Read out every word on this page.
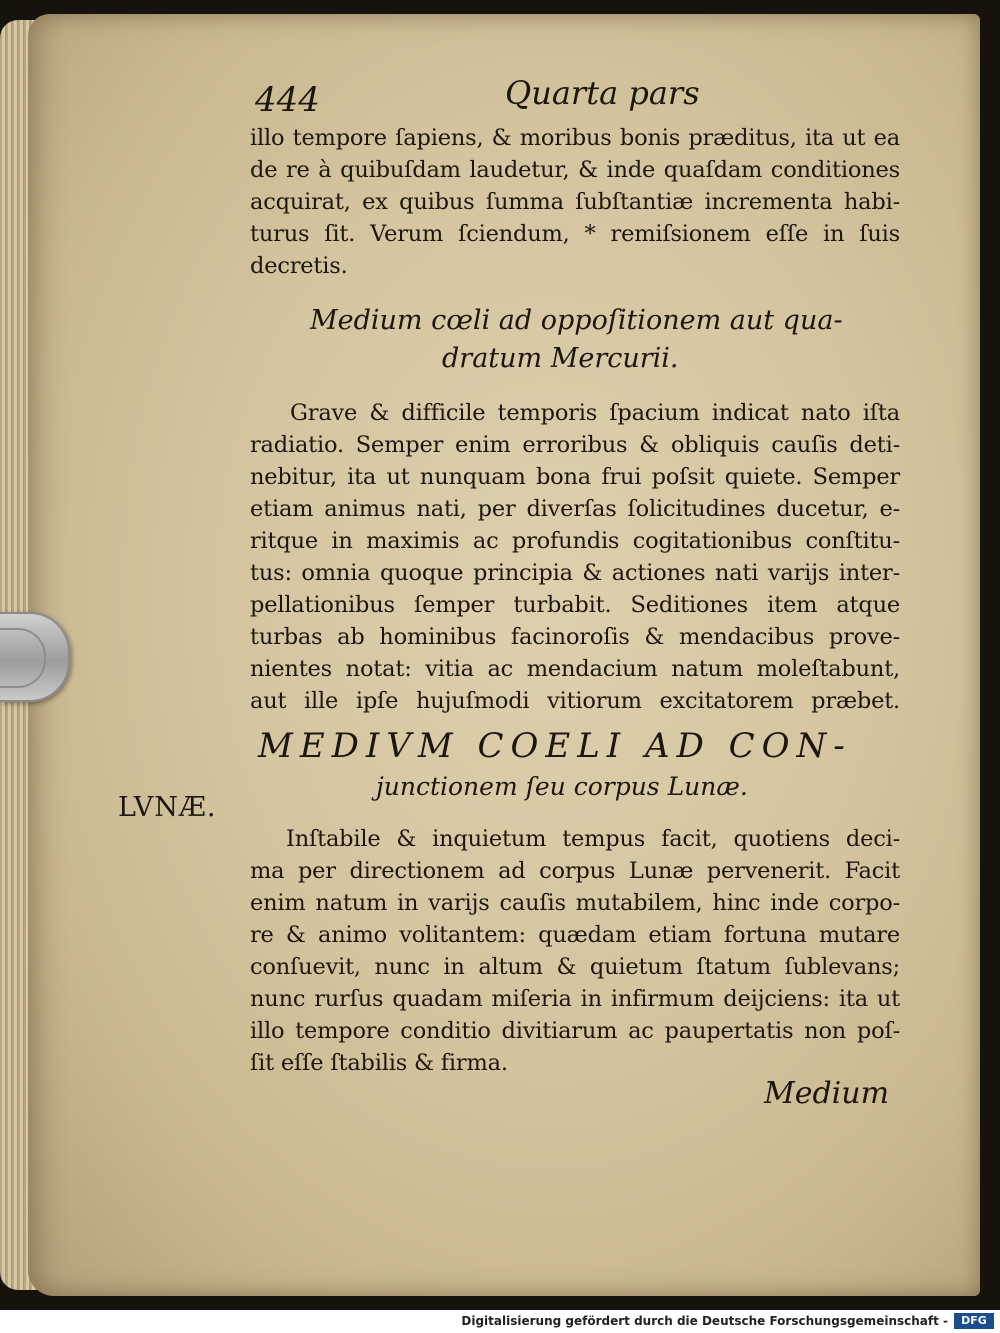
444	Quarta pars
illo tempore ſapiens, & moribus bonis præditus, ita ut ea
de re à quibuſdam laudetur, & inde quaſdam conditiones
acquirat, ex quibus ſumma ſubſtantiæ incrementa habi-
turus ſit. Verum ſciendum, * remiſsionem eſſe in ſuis
decretis.
Medium cœli ad oppoſitionem aut qua-
dratum Mercurii.
Grave & difficile temporis ſpacium indicat nato iſta
radiatio. Semper enim erroribus & obliquis cauſis deti-
nebitur, ita ut nunquam bona frui poſsit quiete. Semper
etiam animus nati, per diverſas ſolicitudines ducetur, e-
ritque in maximis ac profundis cogitationibus conſtitu-
tus: omnia quoque principia & actiones nati varijs inter-
pellationibus ſemper turbabit. Seditiones item atque
turbas ab hominibus facinoroſis & mendacibus prove-
nientes notat: vitia ac mendacium natum moleſtabunt,
aut ille ipſe hujuſmodi vitiorum excitatorem præbet.
MEDIVM COELI AD CON-
junctionem ſeu corpus Lunæ.
LVNÆ.
Inſtabile & inquietum tempus facit, quotiens deci-
ma per directionem ad corpus Lunæ pervenerit. Facit
enim natum in varijs cauſis mutabilem, hinc inde corpo-
re & animo volitantem: quædam etiam fortuna mutare
conſuevit, nunc in altum & quietum ſtatum ſublevans;
nunc rurſus quadam miſeria in infirmum deijciens: ita ut
illo tempore conditio divitiarum ac paupertatis non poſ-
ſit eſſe ſtabilis & firma.
Medium
Digitalisierung gefördert durch die Deutsche Forschungsgemeinschaft -	DFG
